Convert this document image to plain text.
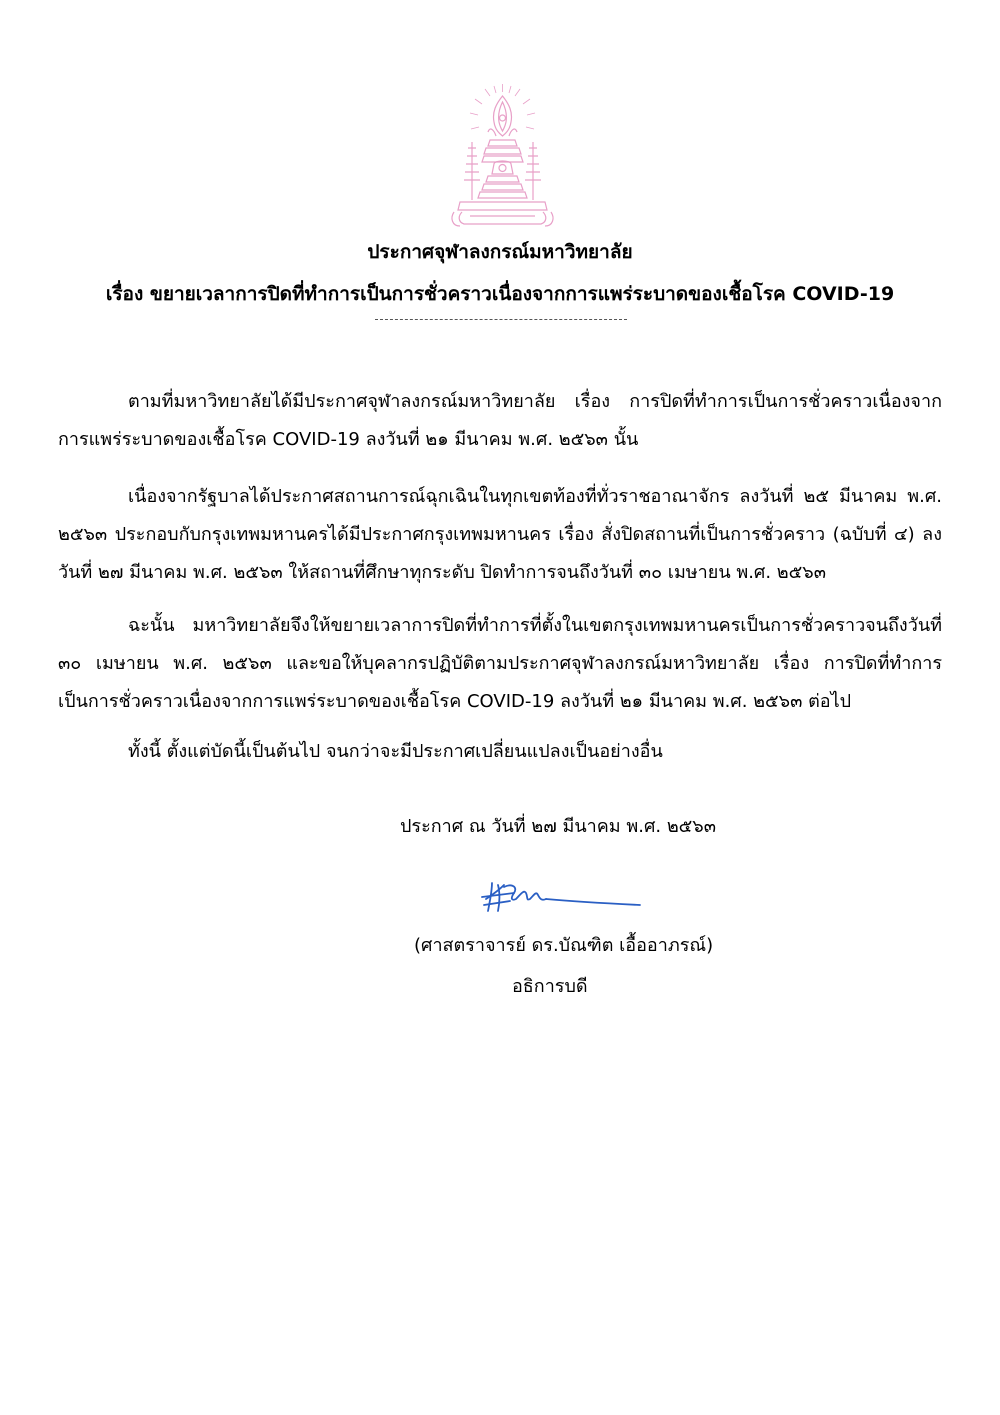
ประกาศจุฬาลงกรณ์มหาวิทยาลัย
เรื่อง ขยายเวลาการปิดที่ทำการเป็นการชั่วคราวเนื่องจากการแพร่ระบาดของเชื้อโรค COVID-19

ตามที่มหาวิทยาลัยได้มีประกาศจุฬาลงกรณ์มหาวิทยาลัย เรื่อง การปิดที่ทำการเป็นการชั่วคราวเนื่องจากการแพร่ระบาดของเชื้อโรค COVID-19 ลงวันที่ ๒๑ มีนาคม พ.ศ. ๒๕๖๓ นั้น

เนื่องจากรัฐบาลได้ประกาศสถานการณ์ฉุกเฉินในทุกเขตท้องที่ทั่วราชอาณาจักร ลงวันที่ ๒๕ มีนาคม พ.ศ. ๒๕๖๓ ประกอบกับกรุงเทพมหานครได้มีประกาศกรุงเทพมหานคร เรื่อง สั่งปิดสถานที่เป็นการชั่วคราว (ฉบับที่ ๔) ลงวันที่ ๒๗ มีนาคม พ.ศ. ๒๕๖๓ ให้สถานที่ศึกษาทุกระดับ ปิดทำการจนถึงวันที่ ๓๐ เมษายน พ.ศ. ๒๕๖๓

ฉะนั้น มหาวิทยาลัยจึงให้ขยายเวลาการปิดที่ทำการที่ตั้งในเขตกรุงเทพมหานครเป็นการชั่วคราวจนถึงวันที่ ๓๐ เมษายน พ.ศ. ๒๕๖๓ และขอให้บุคลากรปฏิบัติตามประกาศจุฬาลงกรณ์มหาวิทยาลัย เรื่อง การปิดที่ทำการเป็นการชั่วคราวเนื่องจากการแพร่ระบาดของเชื้อโรค COVID-19 ลงวันที่ ๒๑ มีนาคม พ.ศ. ๒๕๖๓ ต่อไป

ทั้งนี้ ตั้งแต่บัดนี้เป็นต้นไป จนกว่าจะมีประกาศเปลี่ยนแปลงเป็นอย่างอื่น

ประกาศ ณ วันที่ ๒๗ มีนาคม พ.ศ. ๒๕๖๓
(ศาสตราจารย์ ดร.บัณฑิต เอื้ออาภรณ์)
อธิการบดี
